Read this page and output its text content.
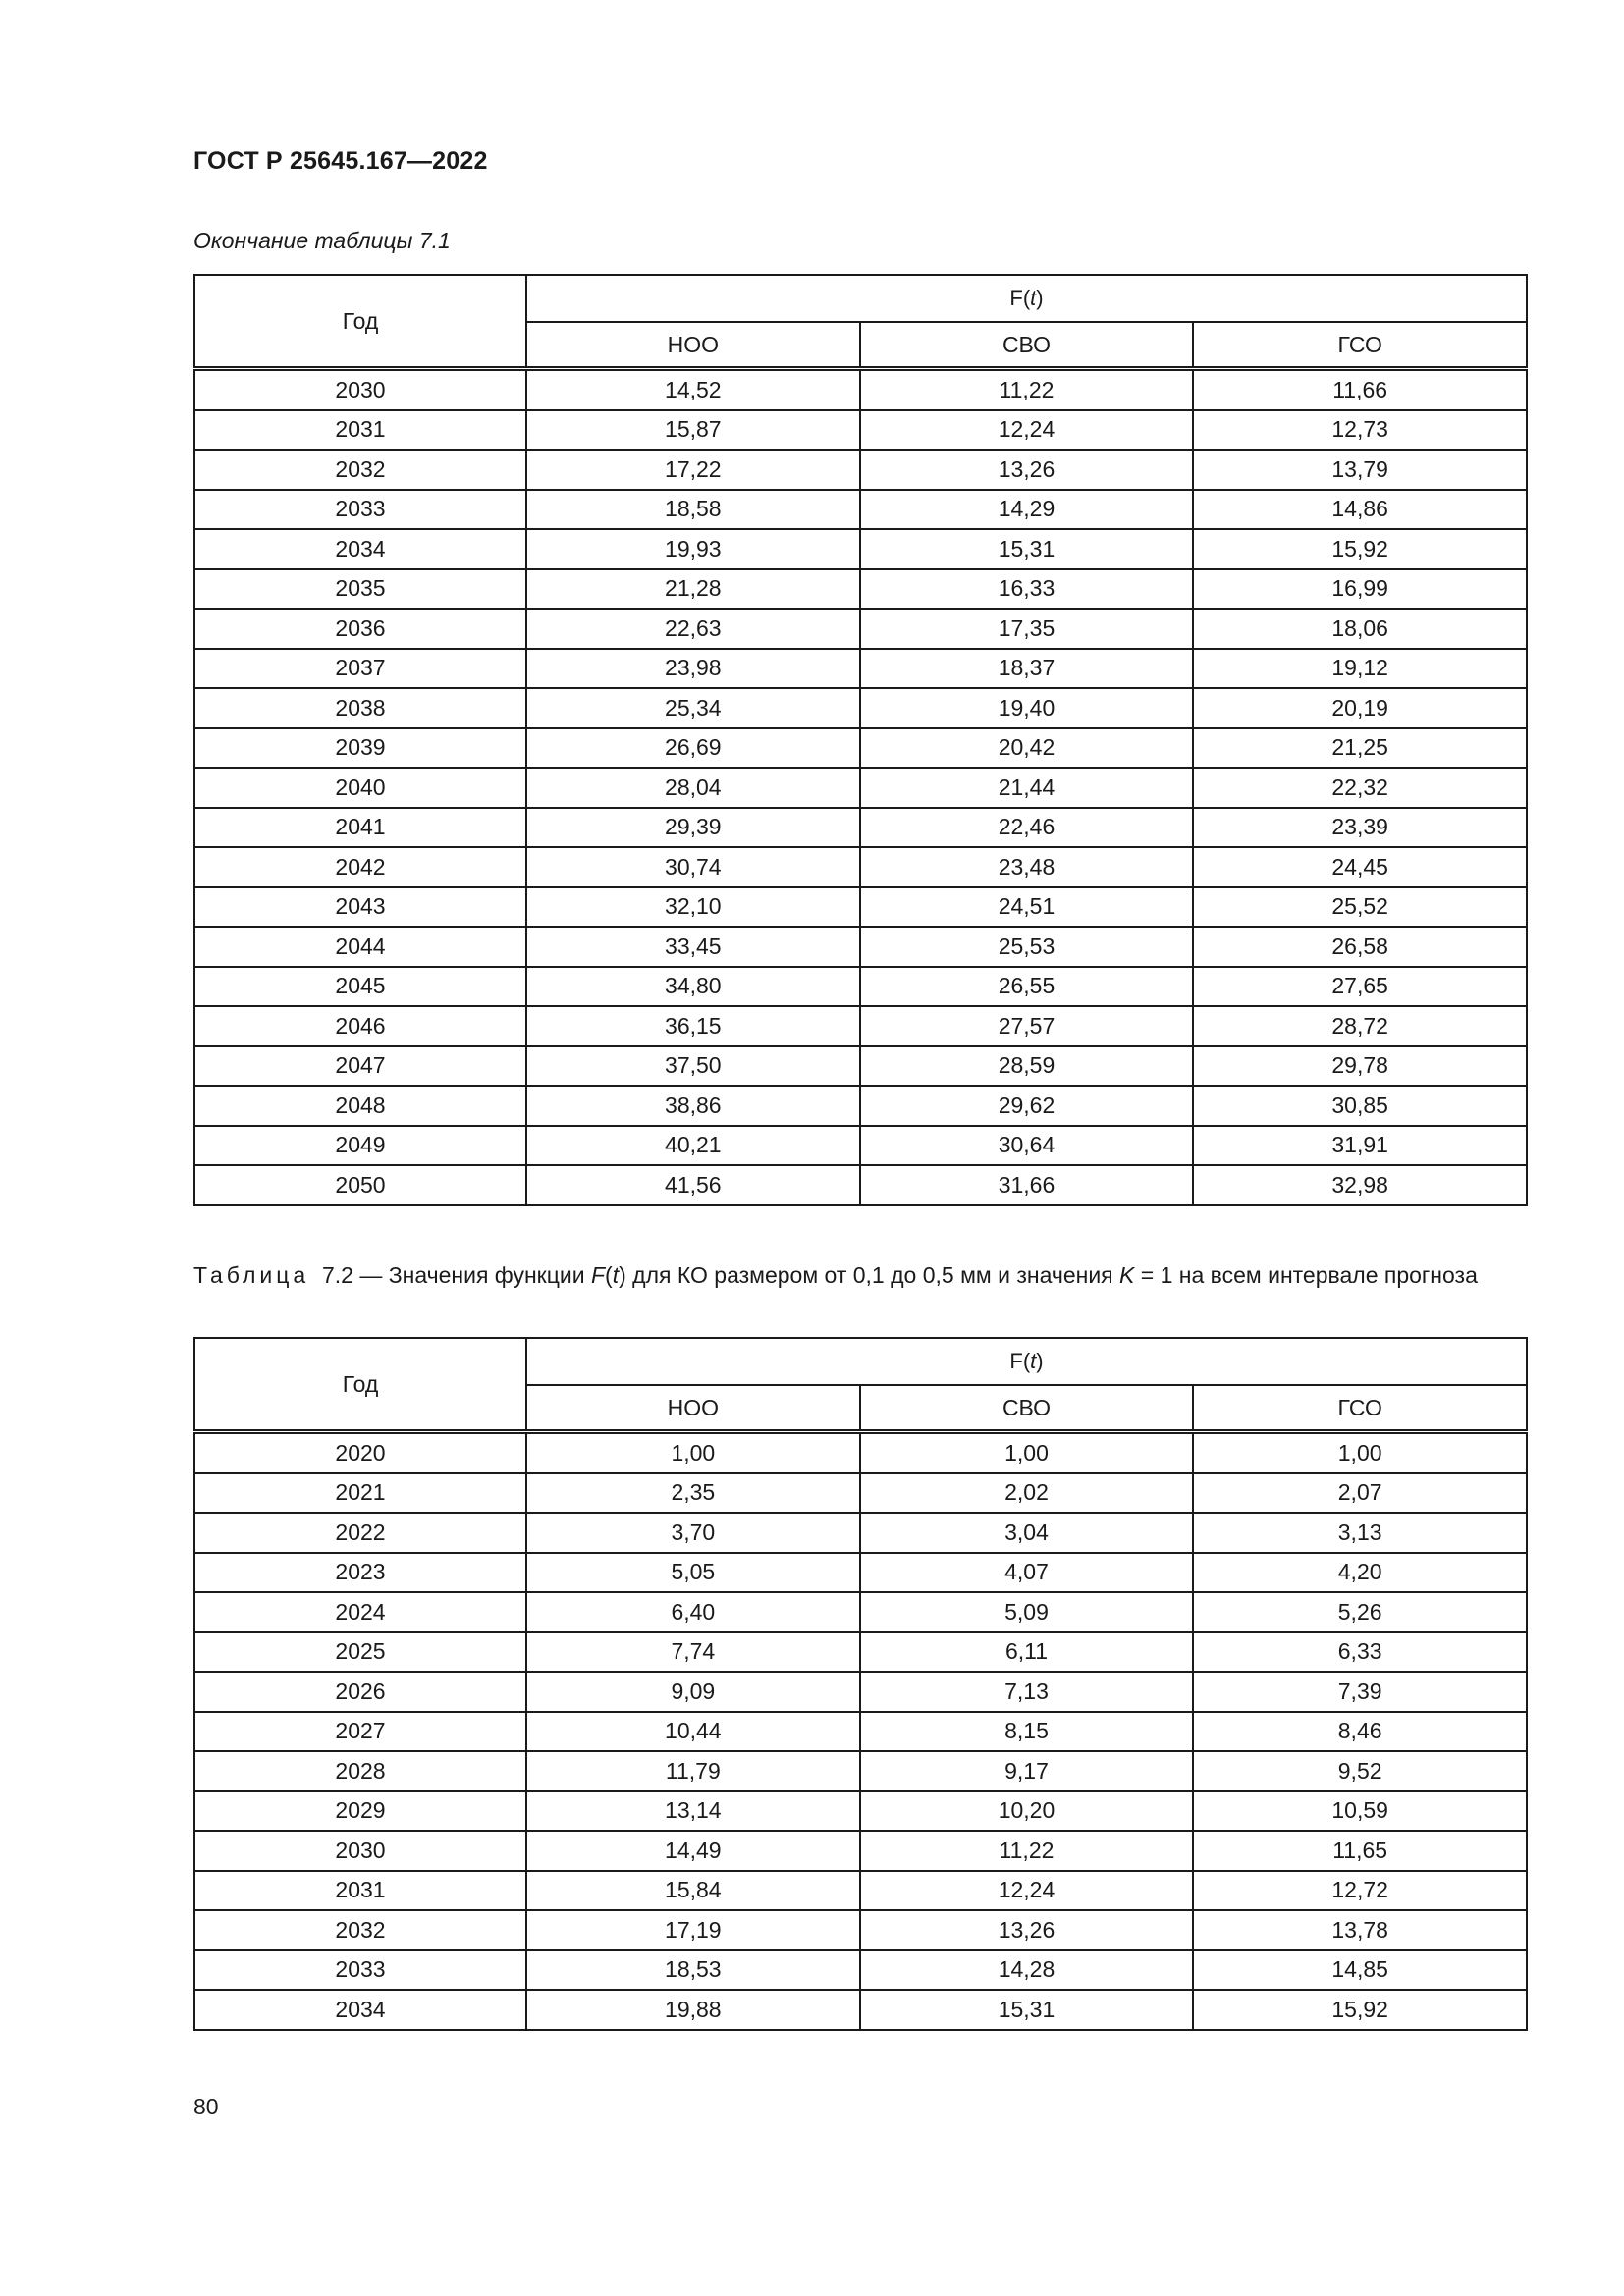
ГОСТ Р 25645.167—2022
Окончание таблицы 7.1
Год	F(t)		
	НОО	СВО	ГСО
2030	14,52	11,22	11,66
2031	15,87	12,24	12,73
2032	17,22	13,26	13,79
2033	18,58	14,29	14,86
2034	19,93	15,31	15,92
2035	21,28	16,33	16,99
2036	22,63	17,35	18,06
2037	23,98	18,37	19,12
2038	25,34	19,40	20,19
2039	26,69	20,42	21,25
2040	28,04	21,44	22,32
2041	29,39	22,46	23,39
2042	30,74	23,48	24,45
2043	32,10	24,51	25,52
2044	33,45	25,53	26,58
2045	34,80	26,55	27,65
2046	36,15	27,57	28,72
2047	37,50	28,59	29,78
2048	38,86	29,62	30,85
2049	40,21	30,64	31,91
2050	41,56	31,66	32,98
Таблица 7.2 — Значения функции F(t) для КО размером от 0,1 до 0,5 мм и значения K = 1 на всем интервале прогноза
Год	F(t)		
	НОО	СВО	ГСО
2020	1,00	1,00	1,00
2021	2,35	2,02	2,07
2022	3,70	3,04	3,13
2023	5,05	4,07	4,20
2024	6,40	5,09	5,26
2025	7,74	6,11	6,33
2026	9,09	7,13	7,39
2027	10,44	8,15	8,46
2028	11,79	9,17	9,52
2029	13,14	10,20	10,59
2030	14,49	11,22	11,65
2031	15,84	12,24	12,72
2032	17,19	13,26	13,78
2033	18,53	14,28	14,85
2034	19,88	15,31	15,92
80
